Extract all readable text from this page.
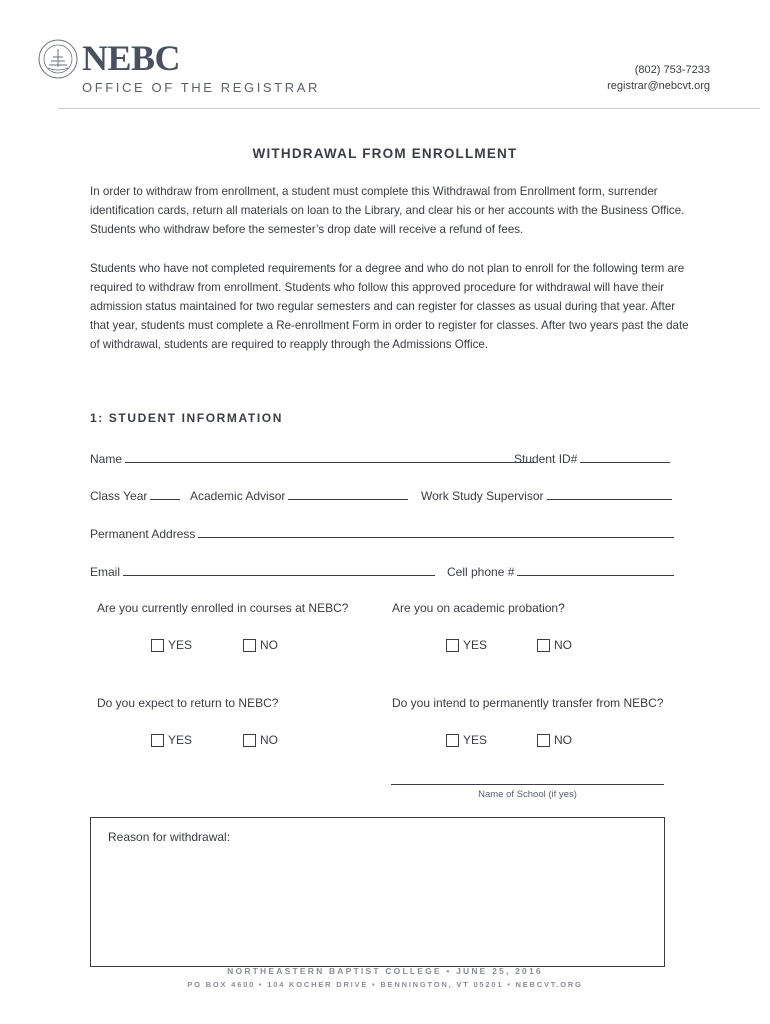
NEBC
OFFICE OF THE REGISTRAR
(802) 753-7233
registrar@nebcvt.org
WITHDRAWAL FROM ENROLLMENT
In order to withdraw from enrollment, a student must complete this Withdrawal from Enrollment form, surrender identification cards, return all materials on loan to the Library, and clear his or her accounts with the Business Office. Students who withdraw before the semester’s drop date will receive a refund of fees.
Students who have not completed requirements for a degree and who do not plan to enroll for the following term are required to withdraw from enrollment. Students who follow this approved procedure for withdrawal will have their admission status maintained for two regular semesters and can register for classes as usual during that year. After that year, students must complete a Re-enrollment Form in order to register for classes. After two years past the date of withdrawal, students are required to reapply through the Admissions Office.
1: STUDENT INFORMATION
Name	Student ID#
Class Year	Academic Advisor	Work Study Supervisor
Permanent Address
Email	Cell phone #
Are you currently enrolled in courses at NEBC?	Are you on academic probation?
YES	NO	YES	NO
Do you expect to return to NEBC?	Do you intend to permanently transfer from NEBC?
YES	NO	YES	NO
Name of School (if yes)
Reason for withdrawal:
NORTHEASTERN BAPTIST COLLEGE • JUNE 25, 2016
PO BOX 4600 • 104 KOCHER DRIVE • BENNINGTON, VT 05201 • NEBCVT.ORG
